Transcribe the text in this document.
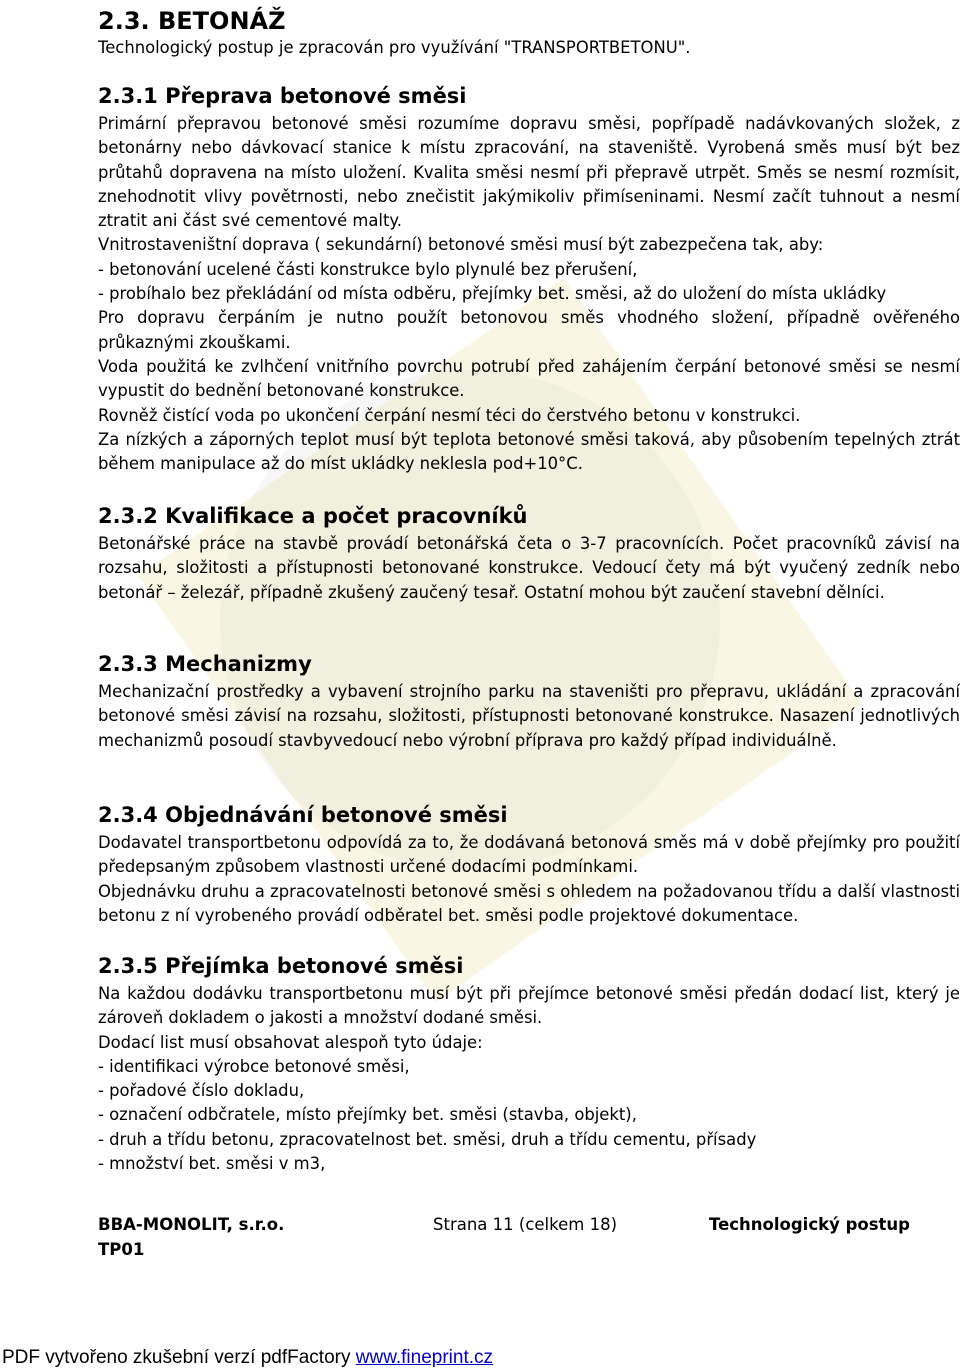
2.3. BETONÁŽ

Technologický postup je zpracován pro využívání "TRANSPORTBETONU".

2.3.1 Přeprava betonové směsi

Primární přepravou betonové směsi rozumíme dopravu směsi, popřípadě nadávkovaných složek, z betonárny nebo dávkovací stanice k místu zpracování, na staveniště. Vyrobená směs musí být bez průtahů dopravena na místo uložení. Kvalita směsi nesmí při přepravě utrpět. Směs se nesmí rozmísit, znehodnotit vlivy povětrnosti, nebo znečistit jakýmikoliv přimíseninami. Nesmí začít tuhnout a nesmí ztratit ani část své cementové malty.

Vnitrostaveništní doprava ( sekundární) betonové směsi musí být zabezpečena tak, aby:

- betonování ucelené části konstrukce bylo plynulé bez přerušení,

- probíhalo bez překládání od místa odběru, přejímky bet. směsi, až do uložení do místa ukládky

Pro dopravu čerpáním je nutno použít betonovou směs vhodného složení, případně ověřeného průkaznými zkouškami.

Voda použitá ke zvlhčení vnitřního povrchu potrubí před zahájením čerpání betonové směsi se nesmí vypustit do bednění betonované konstrukce.

Rovněž čistící voda po ukončení čerpání nesmí téci do čerstvého betonu v konstrukci.

Za nízkých a záporných teplot musí být teplota betonové směsi taková, aby působením tepelných ztrát během manipulace až do míst ukládky neklesla pod+10°C.

2.3.2 Kvalifikace a počet pracovníků

Betonářské práce na stavbě provádí betonářská četa o 3-7 pracovnících. Počet pracovníků závisí na rozsahu, složitosti a přístupnosti betonované konstrukce. Vedoucí čety má být vyučený zedník nebo betonář – železář, případně zkušený zaučený tesař. Ostatní mohou být zaučení stavební dělníci.

2.3.3 Mechanizmy

Mechanizační prostředky a vybavení strojního parku na staveništi pro přepravu, ukládání a zpracování betonové směsi závisí na rozsahu, složitosti, přístupnosti betonované konstrukce. Nasazení jednotlivých mechanizmů posoudí stavbyvedoucí nebo výrobní příprava pro každý případ individuálně.

2.3.4 Objednávání betonové směsi

Dodavatel transportbetonu odpovídá za to, že dodávaná betonová směs má v době přejímky pro použití předepsaným způsobem vlastnosti určené dodacími podmínkami.

Objednávku druhu a zpracovatelnosti betonové směsi s ohledem na požadovanou třídu a další vlastnosti betonu z ní vyrobeného provádí odběratel bet. směsi podle projektové dokumentace.

2.3.5 Přejímka betonové směsi

Na každou dodávku transportbetonu musí být při přejímce betonové směsi předán dodací list, který je zároveň dokladem o jakosti a množství dodané směsi.

Dodací list musí obsahovat alespoň tyto údaje:

- identifikaci výrobce betonové směsi,

- pořadové číslo dokladu,

- označení odbčratele, místo přejímky bet. směsi (stavba, objekt),

- druh a třídu betonu, zpracovatelnost bet. směsi, druh a třídu cementu, přísady

- množství bet. směsi v m3,

BBA-MONOLIT, s.r.o.	Strana 11 (celkem 18)	Technologický postup
TP01
PDF vytvořeno zkušební verzí pdfFactory www.fineprint.cz
